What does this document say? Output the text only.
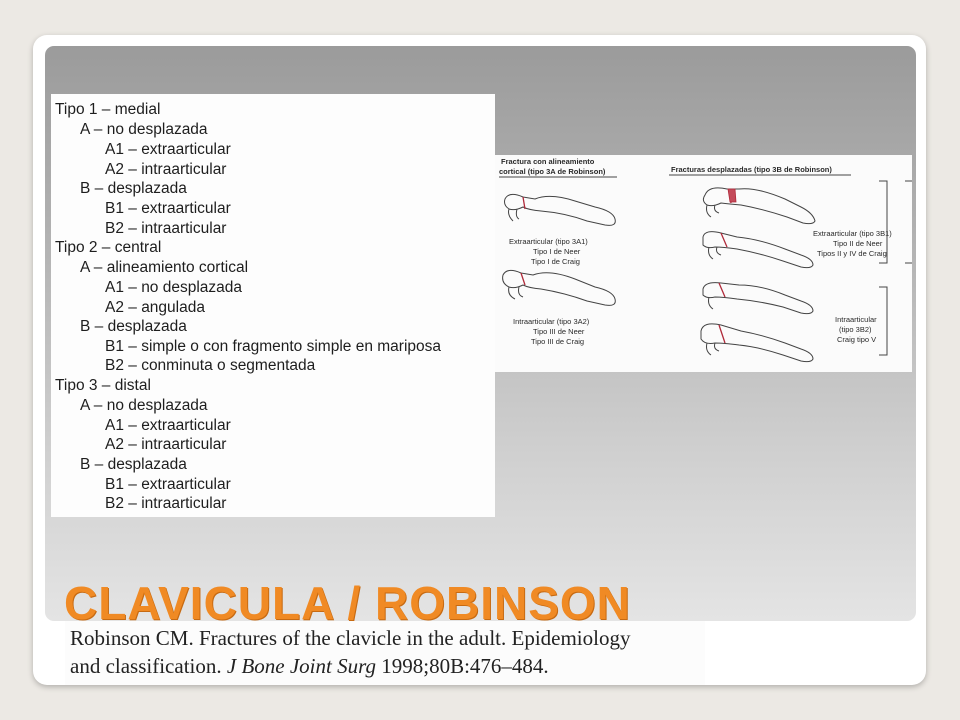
Tipo 1 – medial
A – no desplazada
A1 – extraarticular
A2 – intraarticular
B – desplazada
B1 – extraarticular
B2 – intraarticular
Tipo 2 – central
A – alineamiento cortical
A1 – no desplazada
A2 – angulada
B – desplazada
B1 – simple o con fragmento simple en mariposa
B2 – conminuta o segmentada
Tipo 3 – distal
A – no desplazada
A1 – extraarticular
A2 – intraarticular
B – desplazada
B1 – extraarticular
B2 – intraarticular
Fractura con alineamiento
cortical (tipo 3A de Robinson)	Fracturas desplazadas (tipo 3B de Robinson)
Extraarticular (tipo 3A1)
Tipo I de Neer
Tipo I de Craig
Intraarticular (tipo 3A2)
Tipo III de Neer
Tipo III de Craig
Extraarticular (tipo 3B1)
Tipo II de Neer
Tipos II y IV de Craig
Intraarticular
(tipo 3B2)
Craig tipo V
Robinson CM. Fractures of the clavicle in the adult. Epidemiology
and classification. J Bone Joint Surg 1998;80B:476–484.
CLAVICULA / ROBINSON
